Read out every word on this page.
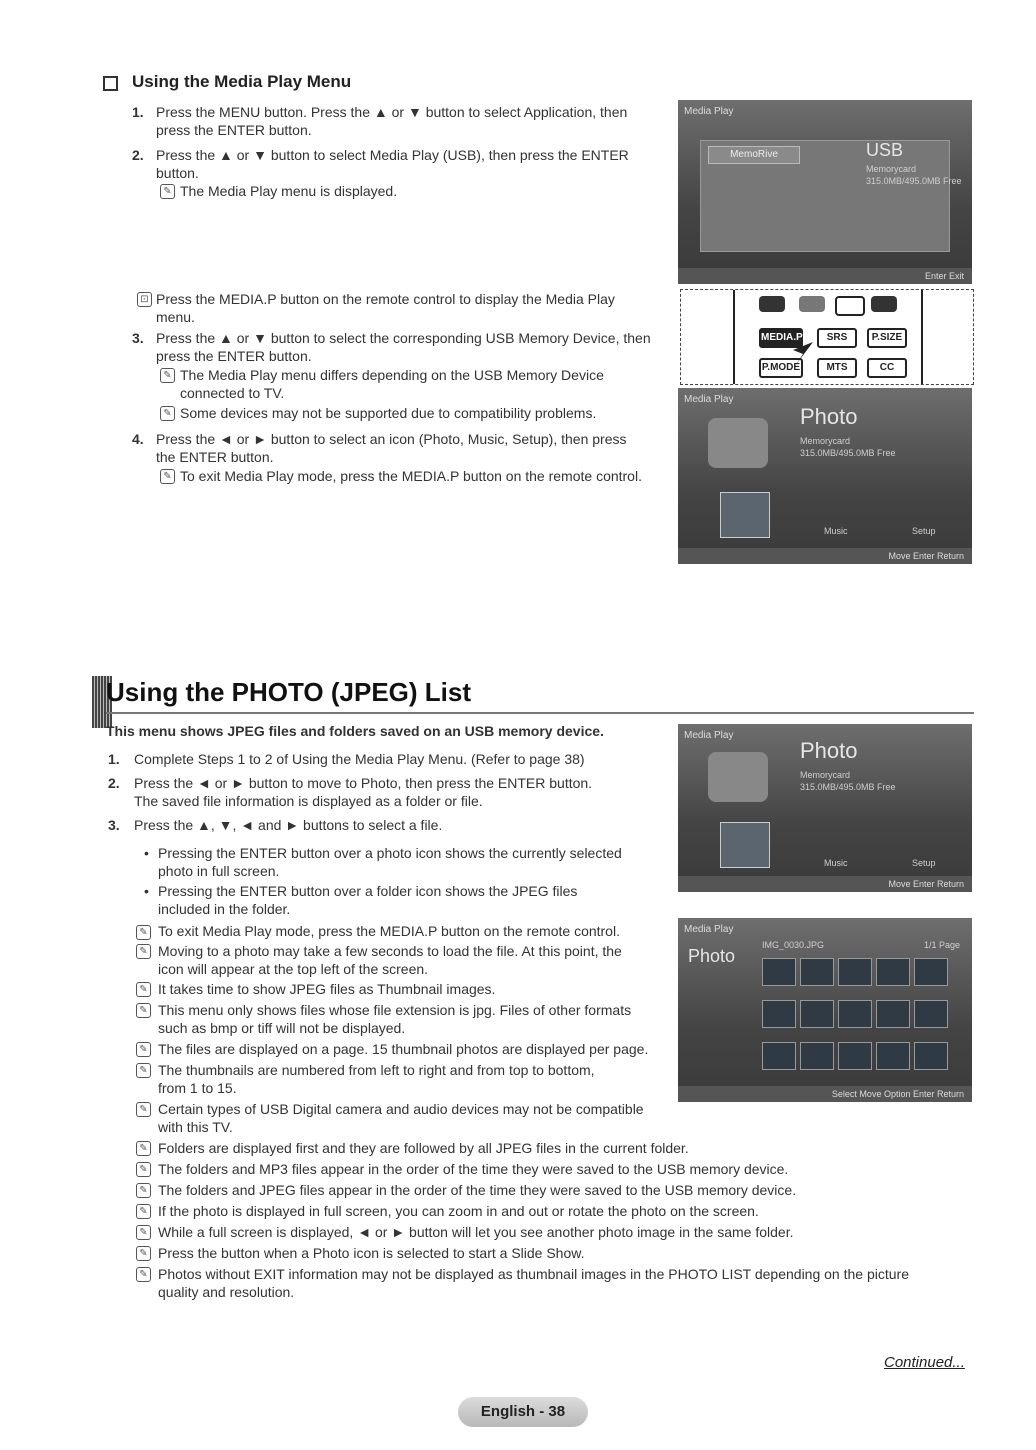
Using the Media Play Menu
1. Press the MENU button. Press the ▲ or ▼ button to select Application, then
press the ENTER button.
2. Press the ▲ or ▼ button to select Media Play (USB), then press the ENTER
button.
✎ The Media Play menu is displayed.
⊡ Press the MEDIA.P button on the remote control to display the Media Play
menu.
3. Press the ▲ or ▼ button to select the corresponding USB Memory Device, then
press the ENTER button.
✎ The Media Play menu differs depending on the USB Memory Device
connected to TV.
✎ Some devices may not be supported due to compatibility problems.
4. Press the ◄ or ► button to select an icon (Photo, Music, Setup), then press
the ENTER button.
✎ To exit Media Play mode, press the MEDIA.P button on the remote control.
Media Play
MemoRive	USB
Memorycard
315.0MB/495.0MB Free
Enter Exit
MEDIA.P	SRS	P.SIZE
P.MODE	MTS	CC
Media Play
Photo
Memorycard
315.0MB/495.0MB Free
Music	Setup
Move Enter Return
Using the PHOTO (JPEG) List
This menu shows JPEG files and folders saved on an USB memory device.
1. Complete Steps 1 to 2 of Using the Media Play Menu. (Refer to page 38)
2. Press the ◄ or ► button to move to Photo, then press the ENTER button.
The saved file information is displayed as a folder or file.
3. Press the ▲, ▼, ◄ and ► buttons to select a file.
• Pressing the ENTER button over a photo icon shows the currently selected
photo in full screen.
• Pressing the ENTER button over a folder icon shows the JPEG files
included in the folder.
✎ To exit Media Play mode, press the MEDIA.P button on the remote control.
✎ Moving to a photo may take a few seconds to load the file. At this point, the
icon will appear at the top left of the screen.
✎ It takes time to show JPEG files as Thumbnail images.
✎ This menu only shows files whose file extension is jpg. Files of other formats
such as bmp or tiff will not be displayed.
✎ The files are displayed on a page. 15 thumbnail photos are displayed per page.
✎ The thumbnails are numbered from left to right and from top to bottom,
from 1 to 15.
✎ Certain types of USB Digital camera and audio devices may not be compatible
with this TV.
✎ Folders are displayed first and they are followed by all JPEG files in the current folder.
✎ The folders and MP3 files appear in the order of the time they were saved to the USB memory device.
✎ The folders and JPEG files appear in the order of the time they were saved to the USB memory device.
✎ If the photo is displayed in full screen, you can zoom in and out or rotate the photo on the screen.
✎ While a full screen is displayed, ◄ or ► button will let you see another photo image in the same folder.
✎ Press the button when a Photo icon is selected to start a Slide Show.
✎ Photos without EXIT information may not be displayed as thumbnail images in the PHOTO LIST depending on the picture
quality and resolution.
Media Play
Photo
Memorycard
315.0MB/495.0MB Free
Music	Setup
Move Enter Return
Media Play
Photo
IMG_0030.JPG	1/1 Page
Select Move Option Enter Return
Continued...
English - 38
